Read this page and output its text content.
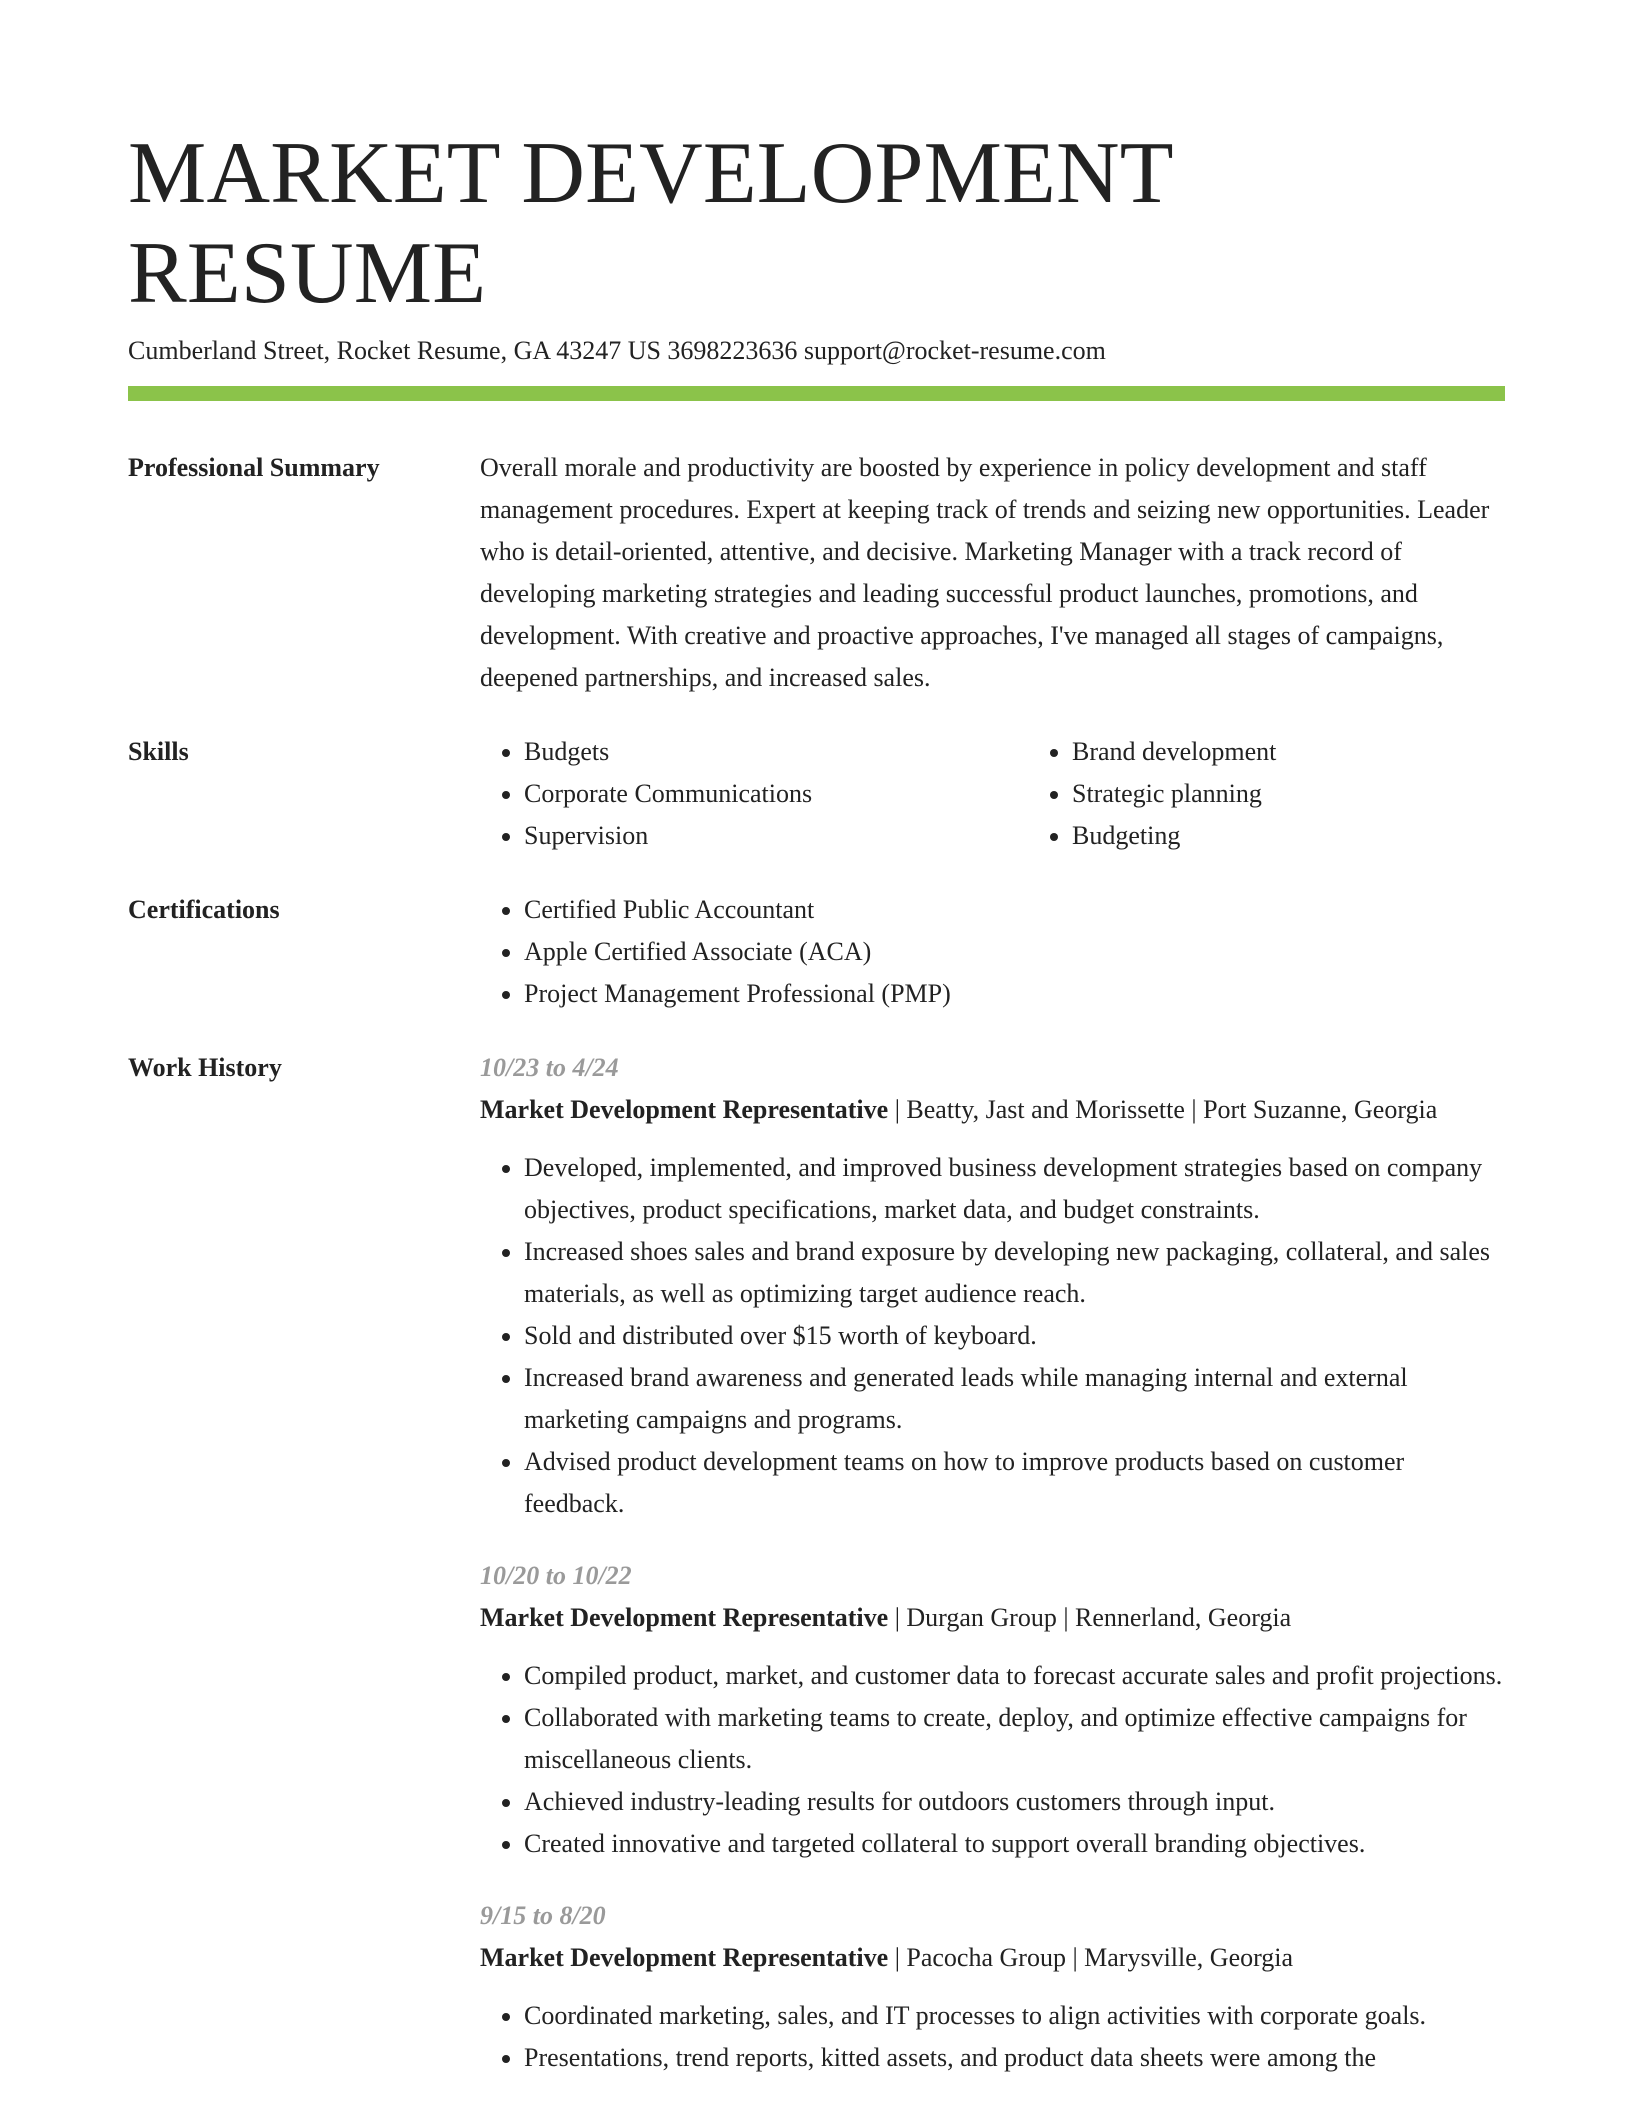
MARKET DEVELOPMENT RESUME
Cumberland Street, Rocket Resume, GA 43247 US 3698223636 support@rocket-resume.com
Professional Summary	Overall morale and productivity are boosted by experience in policy development and staff management procedures. Expert at keeping track of trends and seizing new opportunities. Leader who is detail-oriented, attentive, and decisive. Marketing Manager with a track record of developing marketing strategies and leading successful product launches, promotions, and development. With creative and proactive approaches, I've managed all stages of campaigns, deepened partnerships, and increased sales.
Skills	• Budgets
• Corporate Communications
• Supervision
• Brand development
• Strategic planning
• Budgeting
Certifications	• Certified Public Accountant
• Apple Certified Associate (ACA)
• Project Management Professional (PMP)
Work History	10/23 to 4/24
Market Development Representative | Beatty, Jast and Morissette | Port Suzanne, Georgia
• Developed, implemented, and improved business development strategies based on company objectives, product specifications, market data, and budget constraints.
• Increased shoes sales and brand exposure by developing new packaging, collateral, and sales materials, as well as optimizing target audience reach.
• Sold and distributed over $15 worth of keyboard.
• Increased brand awareness and generated leads while managing internal and external marketing campaigns and programs.
• Advised product development teams on how to improve products based on customer feedback.
10/20 to 10/22
Market Development Representative | Durgan Group | Rennerland, Georgia
• Compiled product, market, and customer data to forecast accurate sales and profit projections.
• Collaborated with marketing teams to create, deploy, and optimize effective campaigns for miscellaneous clients.
• Achieved industry-leading results for outdoors customers through input.
• Created innovative and targeted collateral to support overall branding objectives.
9/15 to 8/20
Market Development Representative | Pacocha Group | Marysville, Georgia
• Coordinated marketing, sales, and IT processes to align activities with corporate goals.
• Presentations, trend reports, kitted assets, and product data sheets were among the
